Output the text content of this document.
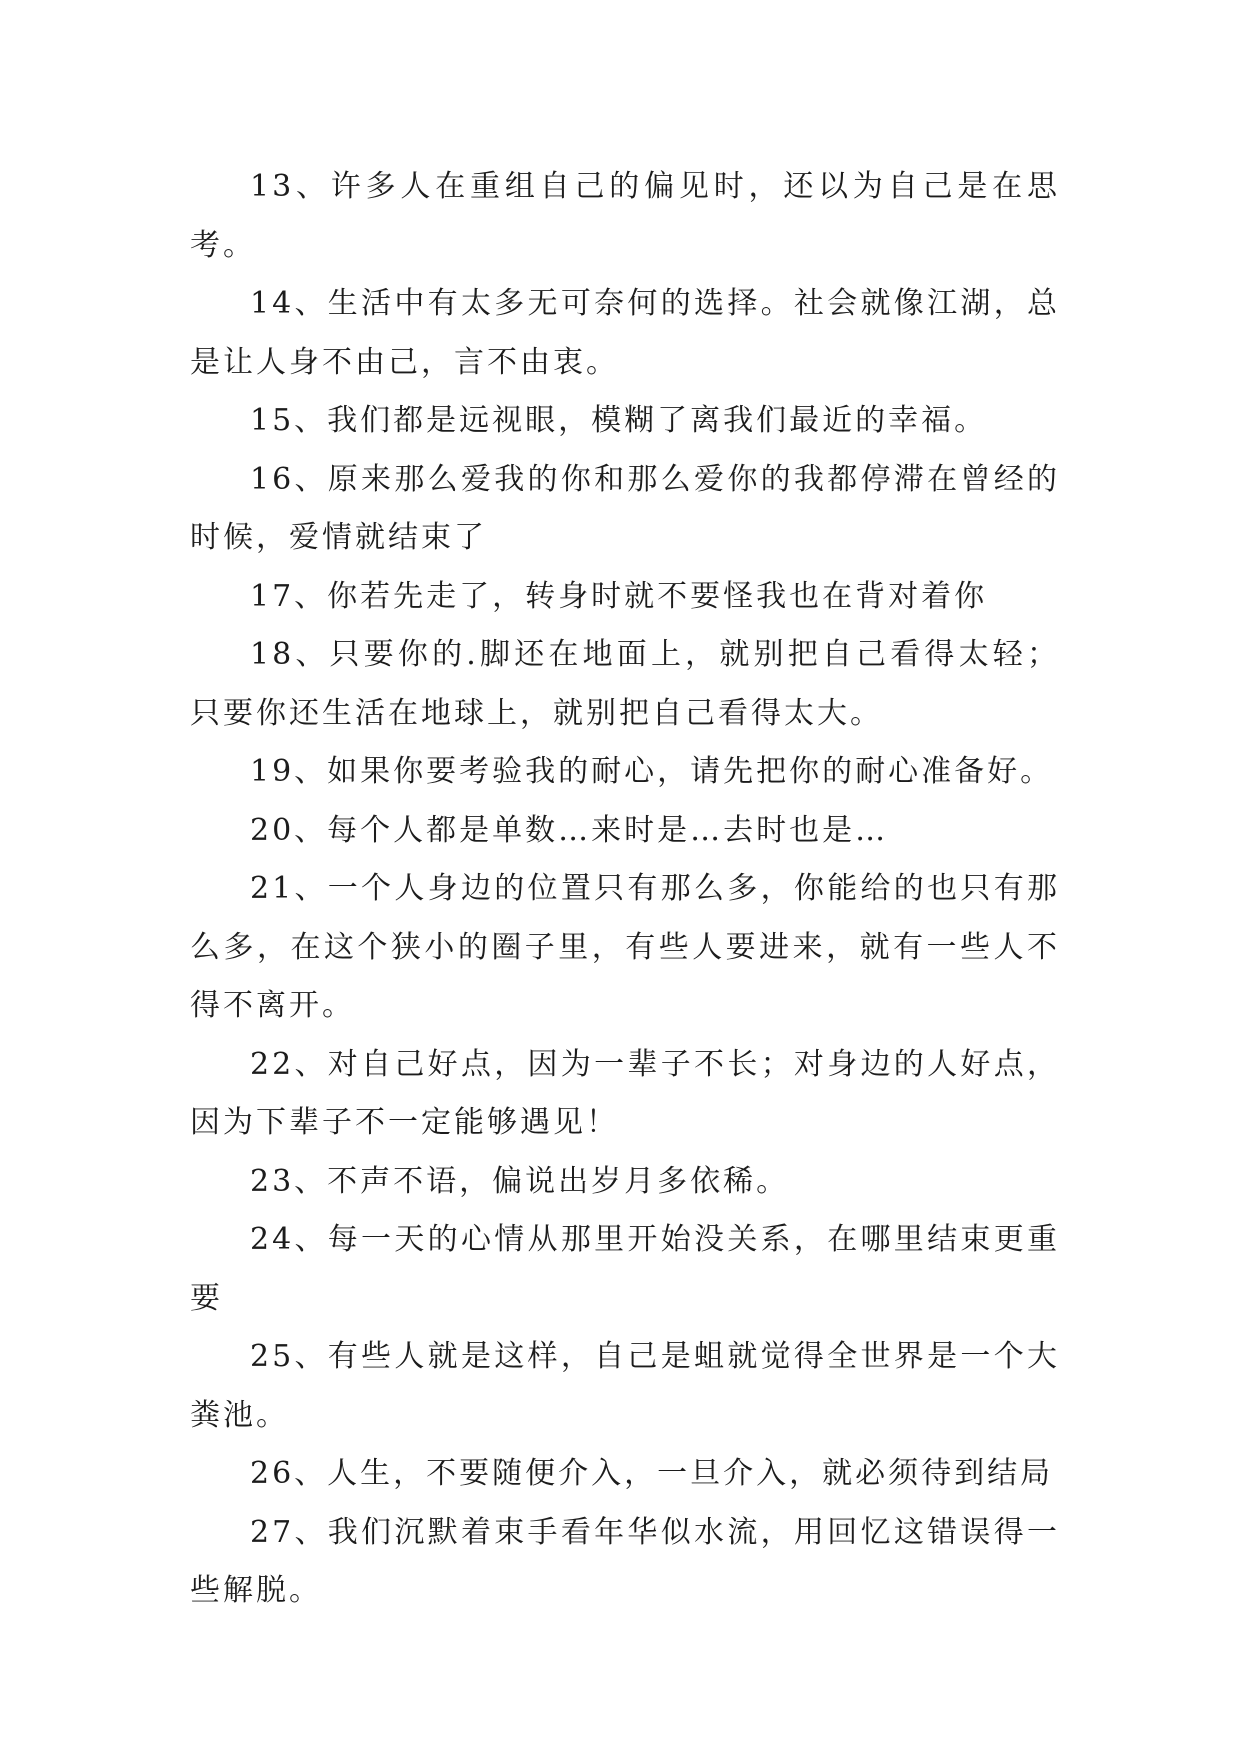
13、许多人在重组自己的偏见时，还以为自己是在思考。

14、生活中有太多无可奈何的选择。社会就像江湖，总是让人身不由己，言不由衷。

15、我们都是远视眼，模糊了离我们最近的幸福。

16、原来那么爱我的你和那么爱你的我都停滞在曾经的时候，爱情就结束了

17、你若先走了，转身时就不要怪我也在背对着你

18、只要你的.脚还在地面上，就别把自己看得太轻；只要你还生活在地球上，就别把自己看得太大。

19、如果你要考验我的耐心，请先把你的耐心准备好。

20、每个人都是单数…来时是…去时也是…

21、一个人身边的位置只有那么多，你能给的也只有那么多，在这个狭小的圈子里，有些人要进来，就有一些人不得不离开。

22、对自己好点，因为一辈子不长；对身边的人好点，因为下辈子不一定能够遇见！

23、不声不语，偏说出岁月多依稀。

24、每一天的心情从那里开始没关系，在哪里结束更重要

25、有些人就是这样，自己是蛆就觉得全世界是一个大粪池。

26、人生，不要随便介入，一旦介入，就必须待到结局

27、我们沉默着束手看年华似水流，用回忆这错误得一些解脱。
